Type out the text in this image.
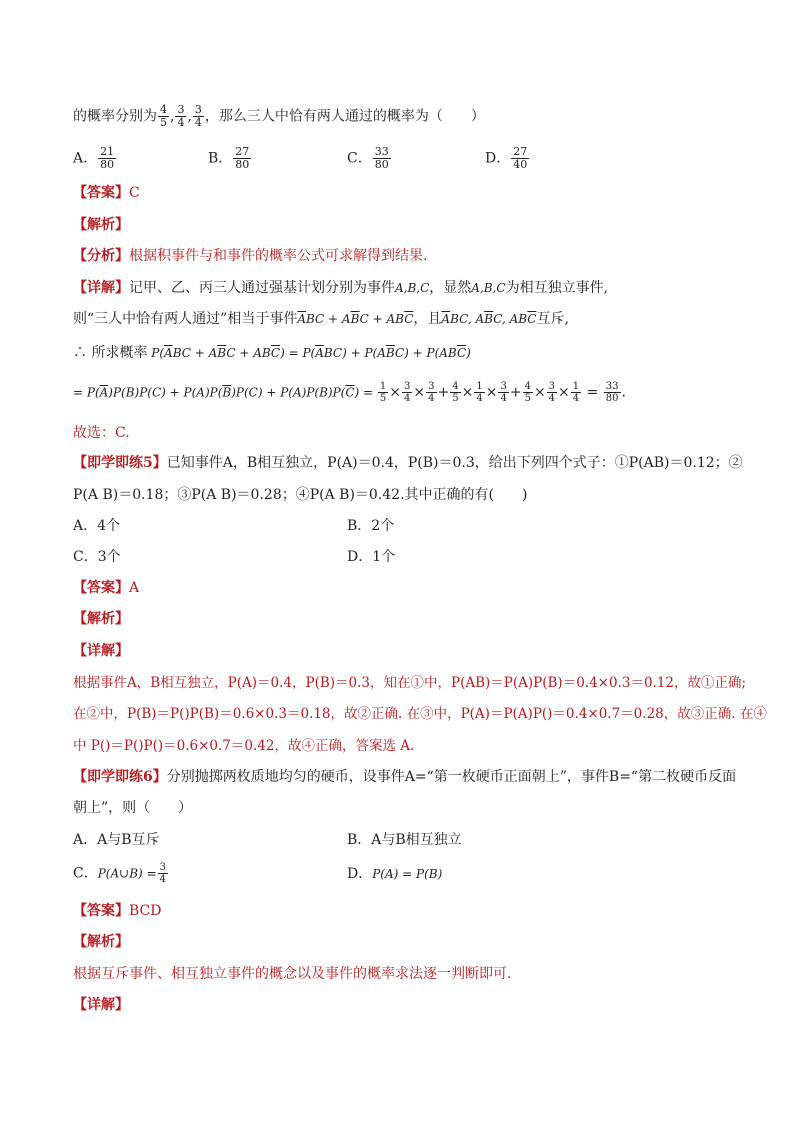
的概率分别为 $\frac{4}{5}$ , $\frac{3}{4}$ , $\frac{3}{4}$ ，那么三人中恰有两人通过的概率为（　　）
A． $\frac{21}{80}$	B． $\frac{27}{80}$	C． $\frac{33}{80}$	D． $\frac{27}{40}$
【答案】C
【解析】
【分析】根据积事件与和事件的概率公式可求解得到结果.
【详解】记甲、乙、丙三人通过强基计划分别为事件A,B,C，显然A,B,C为相互独立事件,
则“三人中恰有两人通过”相当于事件$\overline{A}BC + A\overline{B}C + AB\overline{C}$，且$\overline{A}BC$, $A\overline{B}C$, $AB\overline{C}$互斥,
∴ 所求概率 $P(\overline{A}BC + A\overline{B}C + AB\overline{C}) = P(\overline{A}BC) + P(A\overline{B}C) + P(AB\overline{C})$
= $P(\overline{A})P(B)P(C) + P(A)P(\overline{B})P(C) + P(A)P(B)P(\overline{C}) = \frac{1}{5} \times \frac{3}{4} \times \frac{3}{4} + \frac{4}{5} \times \frac{1}{4} \times \frac{3}{4} + \frac{4}{5} \times \frac{3}{4} \times \frac{1}{4} = \frac{33}{80}$ .
故选：C.
【即学即练5】已知事件A，B相互独立，P(A)＝0.4，P(B)＝0.3，给出下列四个式子：①P(AB)＝0.12；②
P(A B)＝0.18；③P(A B)＝0.28；④P(A B)＝0.42.其中正确的有(　　)
A．4个	B．2个
C．3个	D．1个
【答案】A
【解析】
【详解】
根据事件A，B相互独立，P(A)＝0.4，P(B)＝0.3，知在①中，P(AB)＝P(A)P(B)＝0.4×0.3＝0.12，故①正确;
在②中，P(B)＝P()P(B)＝0.6×0.3＝0.18，故②正确. 在③中，P(A)＝P(A)P()＝0.4×0.7＝0.28，故③正确. 在④
中 P()＝P()P()＝0.6×0.7＝0.42，故④正确，答案选 A.
【即学即练6】分别抛掷两枚质地均匀的硬币，设事件A=“第一枚硬币正面朝上”，事件B=“第二枚硬币反面
朝上”，则（　　）
A．A与B互斥	B．A与B相互独立
C．P(A∪B) = $\frac{3}{4}$	D．P(A) = P(B)
【答案】BCD
【解析】
根据互斥事件、相互独立事件的概念以及事件的概率求法逐一判断即可.
【详解】
